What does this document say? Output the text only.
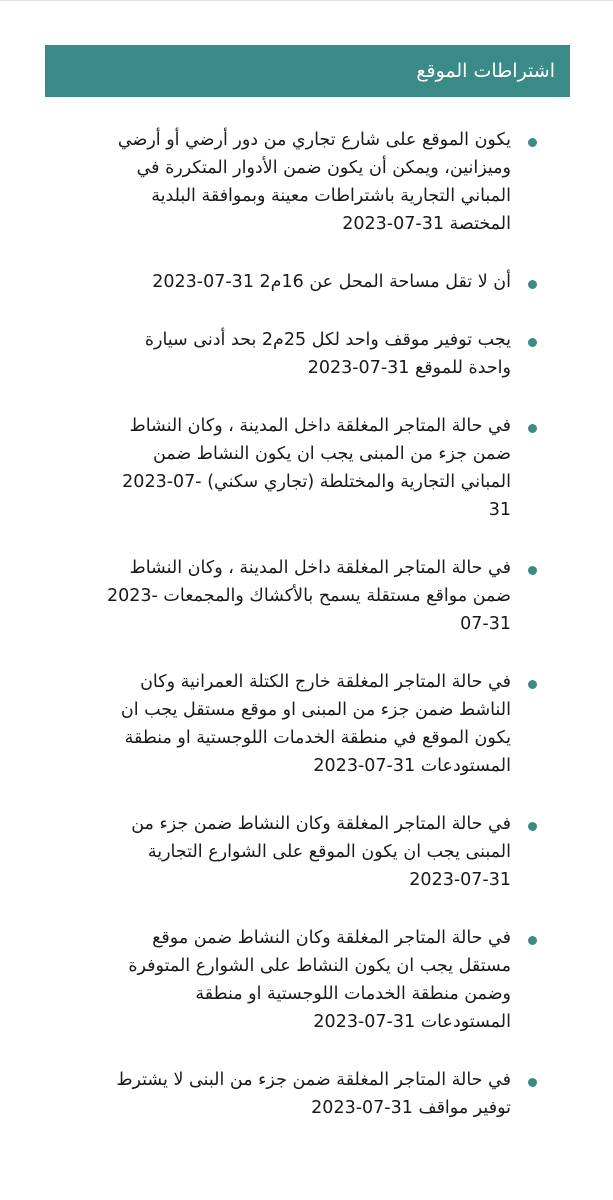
اشتراطات الموقع
يكون الموقع على شارع تجاري من دور أرضي أو أرضي وميزانين، ويمكن أن يكون ضمن الأدوار المتكررة في المباني التجارية باشتراطات معينة وبموافقة البلدية المختصة 2023-07-31
أن لا تقل مساحة المحل عن 16م2 2023-07-31
يجب توفير موقف واحد لكل 25م2 بحد أدنى سيارة واحدة للموقع 2023-07-31
في حالة المتاجر المغلقة داخل المدينة ، وكان النشاط ضمن جزء من المبنى يجب ان يكون النشاط ضمن المباني التجارية والمختلطة (تجاري سكني) 2023-07-31
في حالة المتاجر المغلقة داخل المدينة ، وكان النشاط ضمن مواقع مستقلة يسمح بالأكشاك والمجمعات 2023-07-31
في حالة المتاجر المغلقة خارج الكتلة العمرانية وكان الناشط ضمن جزء من المبنى او موقع مستقل يجب ان يكون الموقع في منطقة الخدمات اللوجستية او منطقة المستودعات 2023-07-31
في حالة المتاجر المغلقة وكان النشاط ضمن جزء من المبنى يجب ان يكون الموقع على الشوارع التجارية 2023-07-31
في حالة المتاجر المغلقة وكان النشاط ضمن موقع مستقل يجب ان يكون النشاط على الشوارع المتوفرة وضمن منطقة الخدمات اللوجستية او منطقة المستودعات 2023-07-31
في حالة المتاجر المغلقة ضمن جزء من البنى لا يشترط توفير مواقف 2023-07-31
